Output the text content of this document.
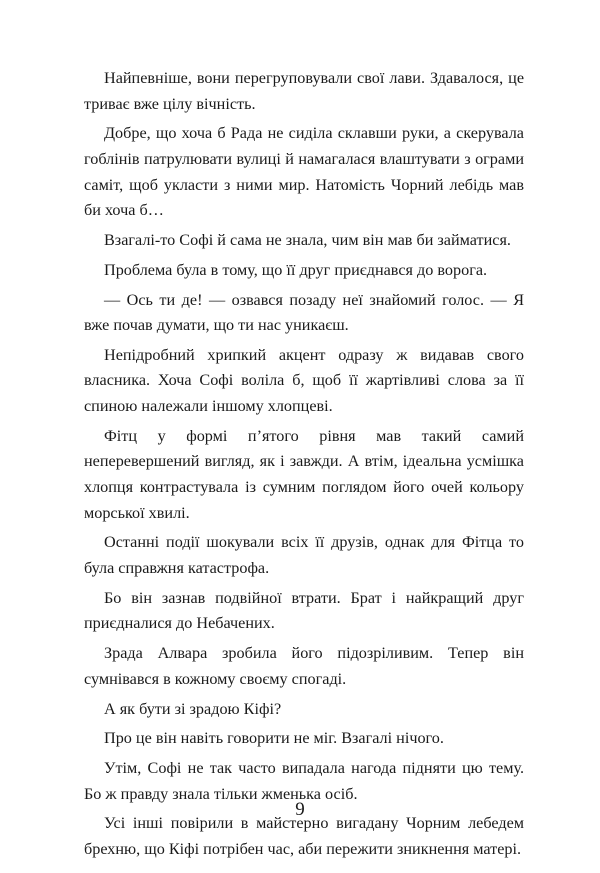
Найпевніше, вони перегруповували свої лави. Здавалося, це триває вже цілу вічність.

Добре, що хоча б Рада не сиділа склавши руки, а скерувала гоблінів патрулювати вулиці й намагалася влаштувати з ограми саміт, щоб укласти з ними мир. Натомість Чорний лебідь мав би хоча б…

Взагалі-то Софі й сама не знала, чим він мав би займатися.

Проблема була в тому, що її друг приєднався до ворога.

— Ось ти де! — озвався позаду неї знайомий голос. — Я вже почав думати, що ти нас уникаєш.

Непідробний хрипкий акцент одразу ж видавав свого власника. Хоча Софі воліла б, щоб її жартівливі слова за її спиною належали іншому хлопцеві.

Фітц у формі п’ятого рівня мав такий самий неперевершений вигляд, як і завжди. А втім, ідеальна усмішка хлопця контрастувала із сумним поглядом його очей кольору морської хвилі.

Останні події шокували всіх її друзів, однак для Фітца то була справжня катастрофа.

Бо він зазнав подвійної втрати. Брат і найкращий друг приєдналися до Небачених.

Зрада Алвара зробила його підозріливим. Тепер він сумнівався в кожному своєму спогаді.

А як бути зі зрадою Кіфі?

Про це він навіть говорити не міг. Взагалі нічого.

Утім, Софі не так часто випадала нагода підняти цю тему. Бо ж правду знала тільки жменька осіб.

Усі інші повірили в майстерно вигадану Чорним лебедем брехню, що Кіфі потрібен час, аби пережити зникнення матері.

9
